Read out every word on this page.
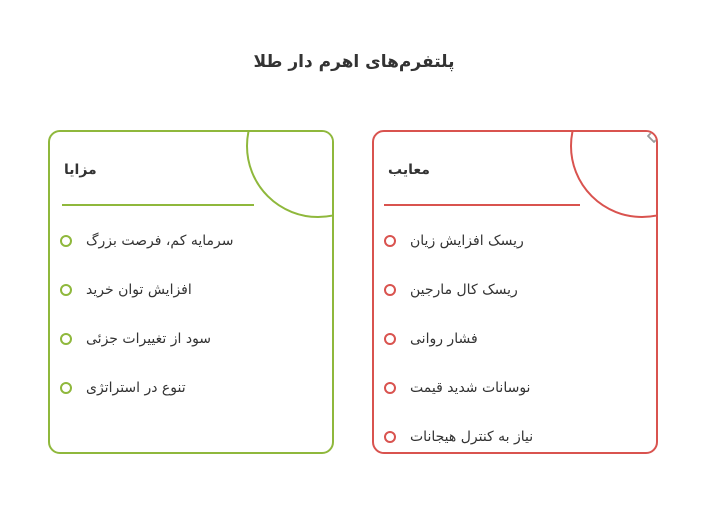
پلتفرم‌های اهرم دار طلا
مزایا
سرمایه کم، فرصت بزرگ
افزایش توان خرید
سود از تغییرات جزئی
تنوع در استراتژی
معایب
ریسک افزایش زیان
ریسک کال مارجین
فشار روانی
نوسانات شدید قیمت
نیاز به کنترل هیجانات
